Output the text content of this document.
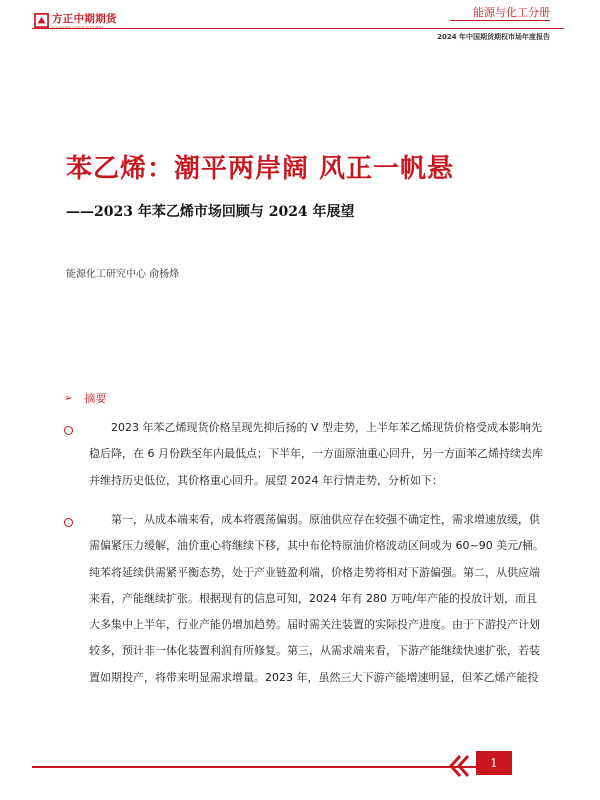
方正中期期货	能源与化工分册
2024 年中国期货期权市场年度报告
苯乙烯：潮平两岸阔 风正一帆悬
——2023 年苯乙烯市场回顾与 2024 年展望
能源化工研究中心 俞杨烽
➢ 摘要
2023 年苯乙烯现货价格呈现先抑后扬的 V 型走势，上半年苯乙烯现货价格受成本影响先
稳后降，在 6 月份跌至年内最低点；下半年，一方面原油重心回升，另一方面苯乙烯持续去库
并维持历史低位，其价格重心回升。展望 2024 年行情走势，分析如下：
第一，从成本端来看，成本将震荡偏弱。原油供应存在较强不确定性，需求增速放缓，供
需偏紧压力缓解，油价重心将继续下移，其中布伦特原油价格波动区间或为 60~90 美元/桶。
纯苯将延续供需紧平衡态势，处于产业链盈利端，价格走势将相对下游偏强。第二，从供应端
来看，产能继续扩张。根据现有的信息可知，2024 年有 280 万吨/年产能的投放计划，而且
大多集中上半年，行业产能仍增加趋势。届时需关注装置的实际投产进度。由于下游投产计划
较多，预计非一体化装置利润有所修复。第三，从需求端来看，下游产能继续快速扩张，若装
置如期投产，将带来明显需求增量。2023 年，虽然三大下游产能增速明显，但苯乙烯产能投
1
